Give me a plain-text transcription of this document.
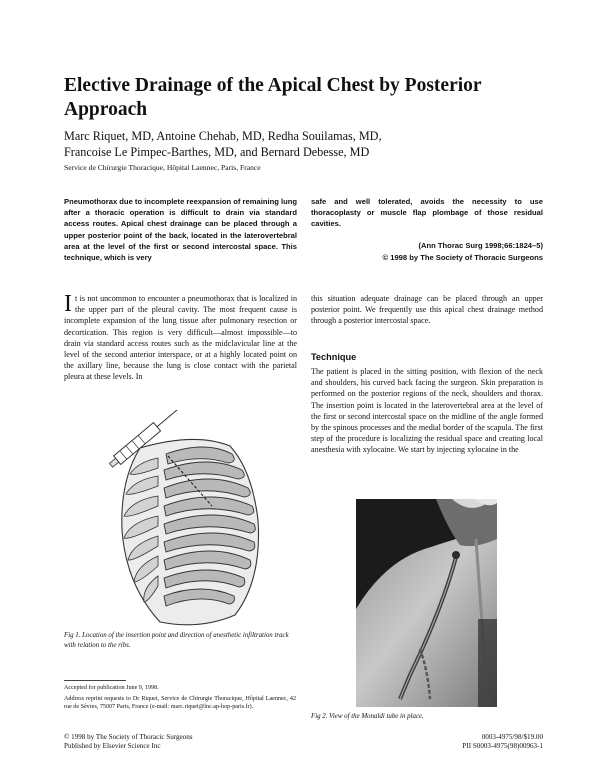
Elective Drainage of the Apical Chest by Posterior Approach
Marc Riquet, MD, Antoine Chehab, MD, Redha Souilamas, MD,
Francoise Le Pimpec-Barthes, MD, and Bernard Debesse, MD
Service de Chirurgie Thoracique, Hôpital Laennec, Paris, France
Pneumothorax due to incomplete reexpansion of remaining lung after a thoracic operation is difficult to drain via standard access routes. Apical chest drainage can be placed through a upper posterior point of the back, located in the laterovertebral area at the level of the first or second intercostal space. This technique, which is very
safe and well tolerated, avoids the necessity to use thoracoplasty or muscle flap plombage of those residual cavities.
(Ann Thorac Surg 1998;66:1824–5)
© 1998 by The Society of Thoracic Surgeons
It is not uncommon to encounter a pneumothorax that is localized in the upper part of the pleural cavity. The most frequent cause is incomplete expansion of the lung tissue after pulmonary resection or decortication. This region is very difficult—almost impossible—to drain via standard access routes such as the midclavicular line at the level of the second anterior interspace, or at a highly located point on the axillary line, because the lung is close contact with the parietal pleura at these levels. In
Fig 1. Location of the insertion point and direction of anesthetic infiltration track with relation to the ribs.
this situation adequate drainage can be placed through an upper posterior point. We frequently use this apical chest drainage method through a posterior intercostal space.
Technique
The patient is placed in the sitting position, with flexion of the neck and shoulders, his curved back facing the surgeon. Skin preparation is performed on the posterior regions of the neck, shoulders and thorax. The insertion point is located in the laterovertebral area at the level of the first or second intercostal space on the midline of the angle formed by the spinous processes and the medial border of the scapula. The first step of the procedure is localizing the residual space and creating local anesthesia with xylocaine. We start by injecting xylocaine in the
Fig 2. View of the Monaldi tube in place.
Accepted for publication June 9, 1998.
Address reprint requests to Dr Riquet, Service de Chirurgie Thoracique, Hôpital Laennec, 42 rue de Sèvres, 75007 Paris, France (e-mail: marc.riquet@lnc.ap-hop-paris.fr).
© 1998 by The Society of Thoracic Surgeons
Published by Elsevier Science Inc
0003-4975/98/$19.00
PII S0003-4975(98)00963-1
